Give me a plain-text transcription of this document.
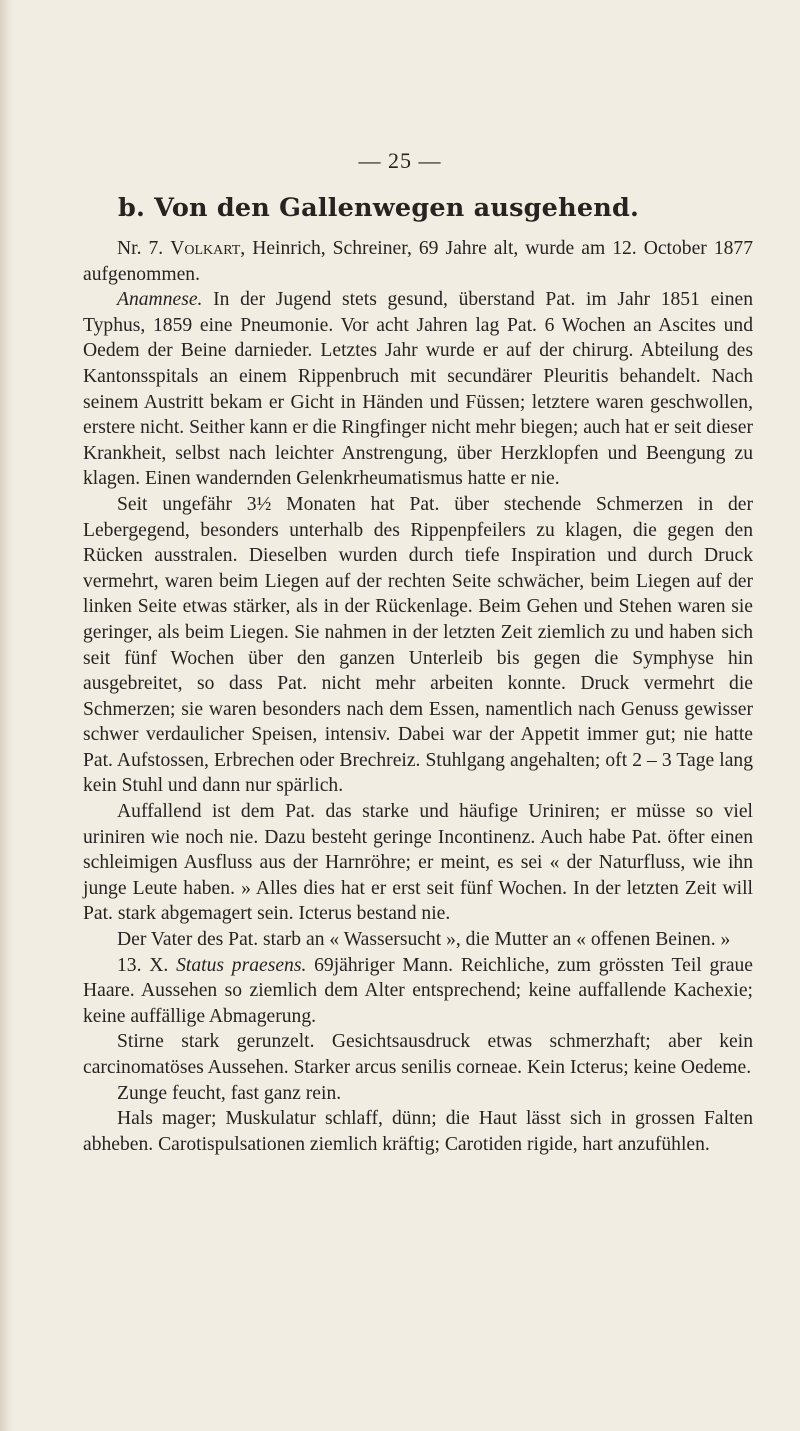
— 25 —
b. Von den Gallenwegen ausgehend.

Nr. 7. Volkart, Heinrich, Schreiner, 69 Jahre alt, wurde am 12. October 1877 aufgenommen.

Anamnese. In der Jugend stets gesund, überstand Pat. im Jahr 1851 einen Typhus, 1859 eine Pneumonie. Vor acht Jahren lag Pat. 6 Wochen an Ascites und Oedem der Beine darnieder. Letztes Jahr wurde er auf der chirurg. Abteilung des Kantonsspitals an einem Rippenbruch mit secundärer Pleuritis behandelt. Nach seinem Austritt bekam er Gicht in Händen und Füssen; letztere waren geschwollen, erstere nicht. Seither kann er die Ringfinger nicht mehr biegen; auch hat er seit dieser Krankheit, selbst nach leichter Anstrengung, über Herzklopfen und Beengung zu klagen. Einen wandernden Gelenkrheumatismus hatte er nie.

Seit ungefähr 3½ Monaten hat Pat. über stechende Schmerzen in der Lebergegend, besonders unterhalb des Rippenpfeilers zu klagen, die gegen den Rücken ausstralen. Dieselben wurden durch tiefe Inspiration und durch Druck vermehrt, waren beim Liegen auf der rechten Seite schwächer, beim Liegen auf der linken Seite etwas stärker, als in der Rückenlage. Beim Gehen und Stehen waren sie geringer, als beim Liegen. Sie nahmen in der letzten Zeit ziemlich zu und haben sich seit fünf Wochen über den ganzen Unterleib bis gegen die Symphyse hin ausgebreitet, so dass Pat. nicht mehr arbeiten konnte. Druck vermehrt die Schmerzen; sie waren besonders nach dem Essen, namentlich nach Genuss gewisser schwer verdaulicher Speisen, intensiv. Dabei war der Appetit immer gut; nie hatte Pat. Aufstossen, Erbrechen oder Brechreiz. Stuhlgang angehalten; oft 2 – 3 Tage lang kein Stuhl und dann nur spärlich.

Auffallend ist dem Pat. das starke und häufige Uriniren; er müsse so viel uriniren wie noch nie. Dazu besteht geringe Incontinenz. Auch habe Pat. öfter einen schleimigen Ausfluss aus der Harnröhre; er meint, es sei « der Naturfluss, wie ihn junge Leute haben. » Alles dies hat er erst seit fünf Wochen. In der letzten Zeit will Pat. stark abgemagert sein. Icterus bestand nie.

Der Vater des Pat. starb an « Wassersucht », die Mutter an « offenen Beinen. »

13. X. Status praesens. 69jähriger Mann. Reichliche, zum grössten Teil graue Haare. Aussehen so ziemlich dem Alter entsprechend; keine auffallende Kachexie; keine auffällige Abmagerung.

Stirne stark gerunzelt. Gesichtsausdruck etwas schmerzhaft; aber kein carcinomatöses Aussehen. Starker arcus senilis corneae. Kein Icterus; keine Oedeme.

Zunge feucht, fast ganz rein.

Hals mager; Muskulatur schlaff, dünn; die Haut lässt sich in grossen Falten abheben. Carotispulsationen ziemlich kräftig; Carotiden rigide, hart anzufühlen.
